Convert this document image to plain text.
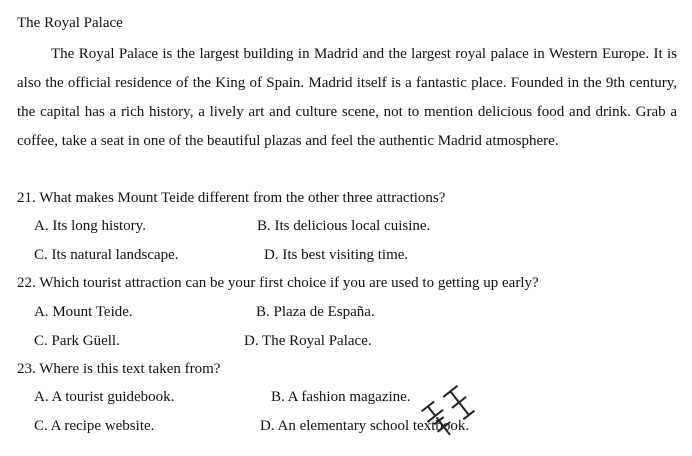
The Royal Palace
The Royal Palace is the largest building in Madrid and the largest royal palace in Western Europe. It is also the official residence of the King of Spain. Madrid itself is a fantastic place. Founded in the 9th century, the capital has a rich history, a lively art and culture scene, not to mention delicious food and drink. Grab a coffee, take a seat in one of the beautiful plazas and feel the authentic Madrid atmosphere.
21. What makes Mount Teide different from the other three attractions?
A. Its long history.	B. Its delicious local cuisine.
C. Its natural landscape.	D. Its best visiting time.
22. Which tourist attraction can be your first choice if you are used to getting up early?
A. Mount Teide.	B. Plaza de España.
C. Park Güell.	D. The Royal Palace.
23. Where is this text taken from?
A. A tourist guidebook.	B. A fashion magazine.
C. A recipe website.	D. An elementary school textbook.
